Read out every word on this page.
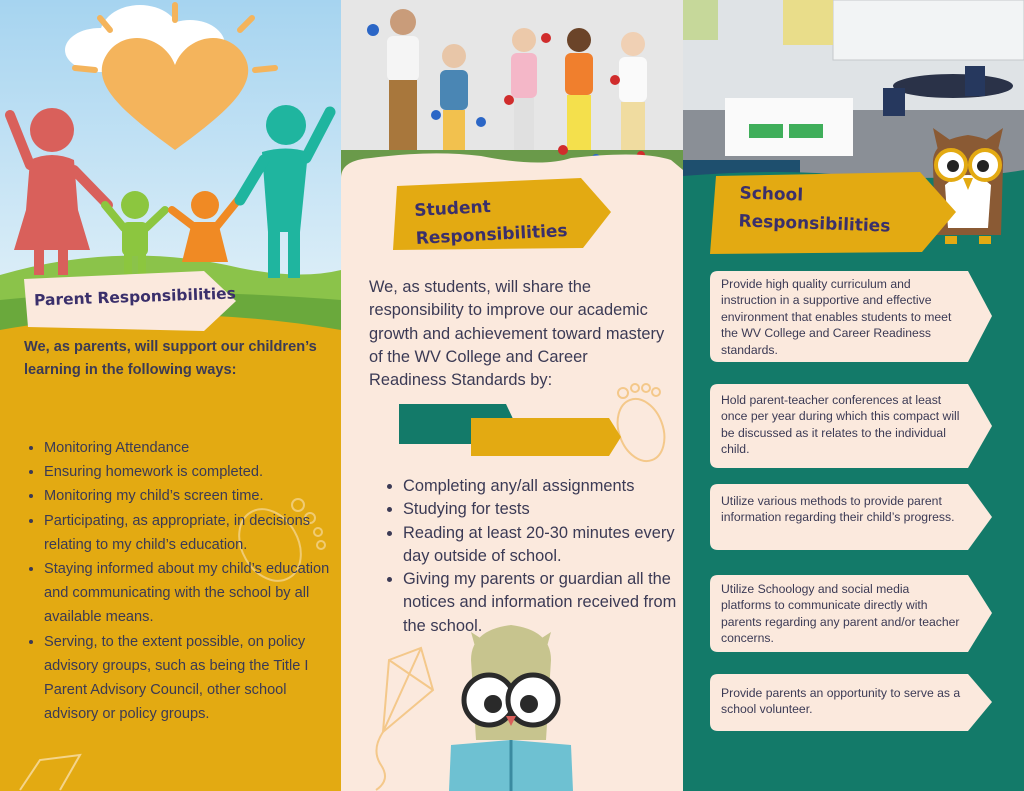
Parent Responsibilities
We, as parents, will support our children’s learning in the following ways:
• Monitoring Attendance
• Ensuring homework is completed.
• Monitoring my child’s screen time.
• Participating, as appropriate, in decisions relating to my child’s education.
• Staying informed about my child’s education and communicating with the school by all available means.
• Serving, to the extent possible, on policy advisory groups, such as being the Title I Parent Advisory Council, other school advisory or policy groups.
Student
Responsibilities
We, as students, will share the responsibility to improve our academic growth and achievement toward mastery of the WV College and Career Readiness Standards by:
• Completing any/all assignments
• Studying for tests
• Reading at least 20-30 minutes every day outside of school.
• Giving my parents or guardian all the notices and information received from the school.
School
Responsibilities
Provide high quality curriculum and instruction in a supportive and effective environment that enables students to meet the WV College and Career Readiness standards.
Hold parent-teacher conferences at least once per year during which this compact will be discussed as it relates to the individual child.
Utilize various methods to provide parent information regarding their child’s progress.
Utilize Schoology and social media platforms to communicate directly with parents regarding any parent and/or teacher concerns.
Provide parents an opportunity to serve as a school volunteer.
